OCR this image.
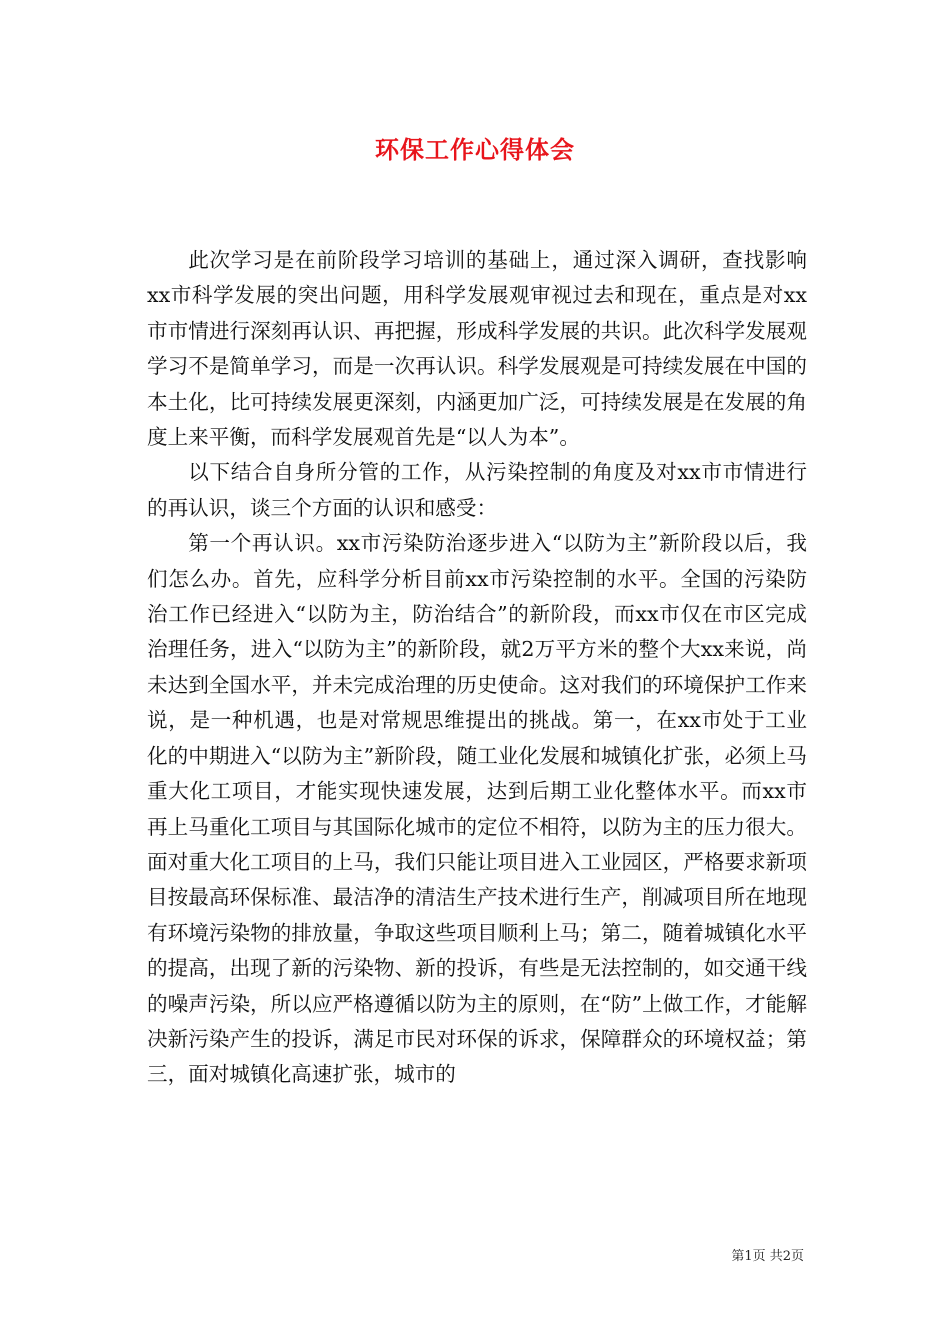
环保工作心得体会

此次学习是在前阶段学习培训的基础上，通过深入调研，查找影响xx市科学发展的突出问题，用科学发展观审视过去和现在，重点是对xx市市情进行深刻再认识、再把握，形成科学发展的共识。此次科学发展观学习不是简单学习，而是一次再认识。科学发展观是可持续发展在中国的本土化，比可持续发展更深刻，内涵更加广泛，可持续发展是在发展的角度上来平衡，而科学发展观首先是“以人为本”。

以下结合自身所分管的工作，从污染控制的角度及对xx市市情进行的再认识，谈三个方面的认识和感受：

第一个再认识。xx市污染防治逐步进入“以防为主”新阶段以后，我们怎么办。首先，应科学分析目前xx市污染控制的水平。全国的污染防治工作已经进入“以防为主，防治结合”的新阶段，而xx市仅在市区完成治理任务，进入“以防为主”的新阶段，就2万平方米的整个大xx来说，尚未达到全国水平，并未完成治理的历史使命。这对我们的环境保护工作来说，是一种机遇，也是对常规思维提出的挑战。第一，在xx市处于工业化的中期进入“以防为主”新阶段，随工业化发展和城镇化扩张，必须上马重大化工项目，才能实现快速发展，达到后期工业化整体水平。而xx市再上马重化工项目与其国际化城市的定位不相符，以防为主的压力很大。面对重大化工项目的上马，我们只能让项目进入工业园区，严格要求新项目按最高环保标准、最洁净的清洁生产技术进行生产，削减项目所在地现有环境污染物的排放量，争取这些项目顺利上马；第二，随着城镇化水平的提高，出现了新的污染物、新的投诉，有些是无法控制的，如交通干线的噪声污染，所以应严格遵循以防为主的原则，在“防”上做工作，才能解决新污染产生的投诉，满足市民对环保的诉求，保障群众的环境权益；第三，面对城镇化高速扩张，城市的

第1页 共2页
